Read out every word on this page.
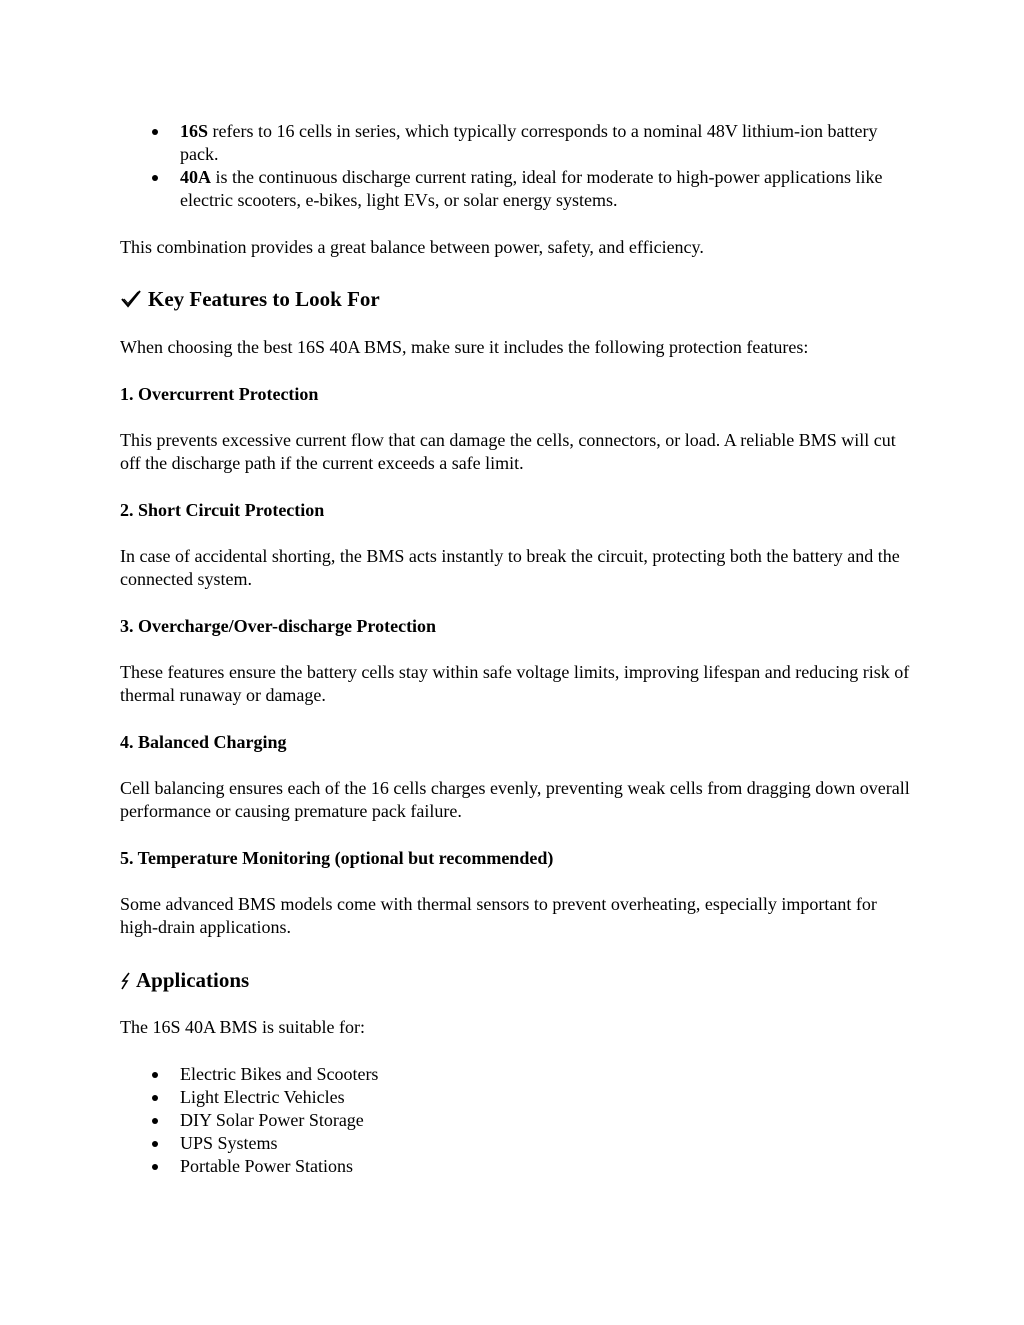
16S refers to 16 cells in series, which typically corresponds to a nominal 48V lithium-ion battery pack.
40A is the continuous discharge current rating, ideal for moderate to high-power applications like electric scooters, e-bikes, light EVs, or solar energy systems.

This combination provides a great balance between power, safety, and efficiency.

Key Features to Look For

When choosing the best 16S 40A BMS, make sure it includes the following protection features:

1. Overcurrent Protection

This prevents excessive current flow that can damage the cells, connectors, or load. A reliable BMS will cut off the discharge path if the current exceeds a safe limit.

2. Short Circuit Protection

In case of accidental shorting, the BMS acts instantly to break the circuit, protecting both the battery and the connected system.

3. Overcharge/Over-discharge Protection

These features ensure the battery cells stay within safe voltage limits, improving lifespan and reducing risk of thermal runaway or damage.

4. Balanced Charging

Cell balancing ensures each of the 16 cells charges evenly, preventing weak cells from dragging down overall performance or causing premature pack failure.

5. Temperature Monitoring (optional but recommended)

Some advanced BMS models come with thermal sensors to prevent overheating, especially important for high-drain applications.

Applications

The 16S 40A BMS is suitable for:

Electric Bikes and Scooters
Light Electric Vehicles
DIY Solar Power Storage
UPS Systems
Portable Power Stations
